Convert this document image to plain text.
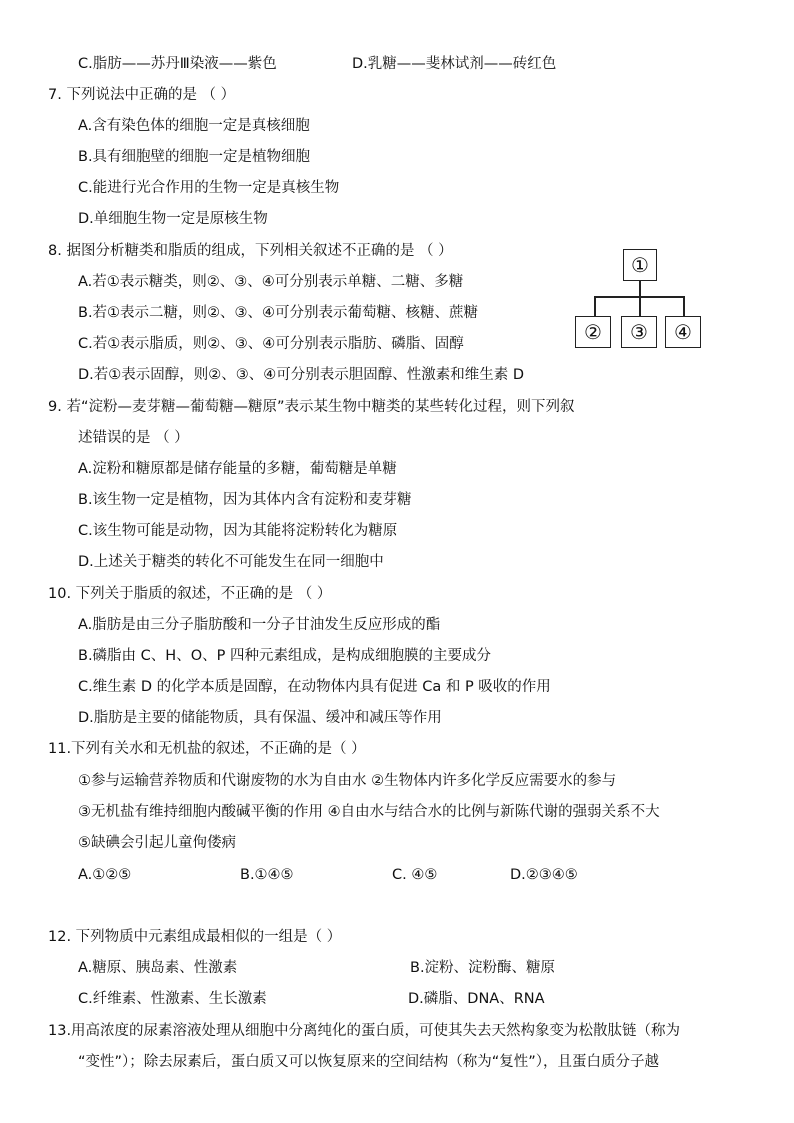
C.脂肪——苏丹Ⅲ染液——紫色	D.乳糖——斐林试剂——砖红色
7. 下列说法中正确的是 （ ）
A.含有染色体的细胞一定是真核细胞
B.具有细胞壁的细胞一定是植物细胞
C.能进行光合作用的生物一定是真核生物
D.单细胞生物一定是原核生物
8. 据图分析糖类和脂质的组成，下列相关叙述不正确的是 （ ）
A.若①表示糖类，则②、③、④可分别表示单糖、二糖、多糖
B.若①表示二糖，则②、③、④可分别表示葡萄糖、核糖、蔗糖
C.若①表示脂质，则②、③、④可分别表示脂肪、磷脂、固醇
D.若①表示固醇，则②、③、④可分别表示胆固醇、性激素和维生素 D
①
②	③	④
9. 若“淀粉—麦芽糖—葡萄糖—糖原”表示某生物中糖类的某些转化过程，则下列叙
述错误的是 （ ）
A.淀粉和糖原都是储存能量的多糖，葡萄糖是单糖
B.该生物一定是植物，因为其体内含有淀粉和麦芽糖
C.该生物可能是动物，因为其能将淀粉转化为糖原
D.上述关于糖类的转化不可能发生在同一细胞中
10. 下列关于脂质的叙述，不正确的是 （ ）
A.脂肪是由三分子脂肪酸和一分子甘油发生反应形成的酯
B.磷脂由 C、H、O、P 四种元素组成，是构成细胞膜的主要成分
C.维生素 D 的化学本质是固醇，在动物体内具有促进 Ca 和 P 吸收的作用
D.脂肪是主要的储能物质，具有保温、缓冲和减压等作用
11.下列有关水和无机盐的叙述，不正确的是（ ）
①参与运输营养物质和代谢废物的水为自由水 ②生物体内许多化学反应需要水的参与
③无机盐有维持细胞内酸碱平衡的作用 ④自由水与结合水的比例与新陈代谢的强弱关系不大
⑤缺碘会引起儿童佝偻病
A.①②⑤	B.①④⑤	C. ④⑤	D.②③④⑤
12. 下列物质中元素组成最相似的一组是（ ）
A.糖原、胰岛素、性激素	B.淀粉、淀粉酶、糖原
C.纤维素、性激素、生长激素	D.磷脂、DNA、RNA
13.用高浓度的尿素溶液处理从细胞中分离纯化的蛋白质，可使其失去天然构象变为松散肽链（称为
“变性”）；除去尿素后，蛋白质又可以恢复原来的空间结构（称为“复性”），且蛋白质分子越
